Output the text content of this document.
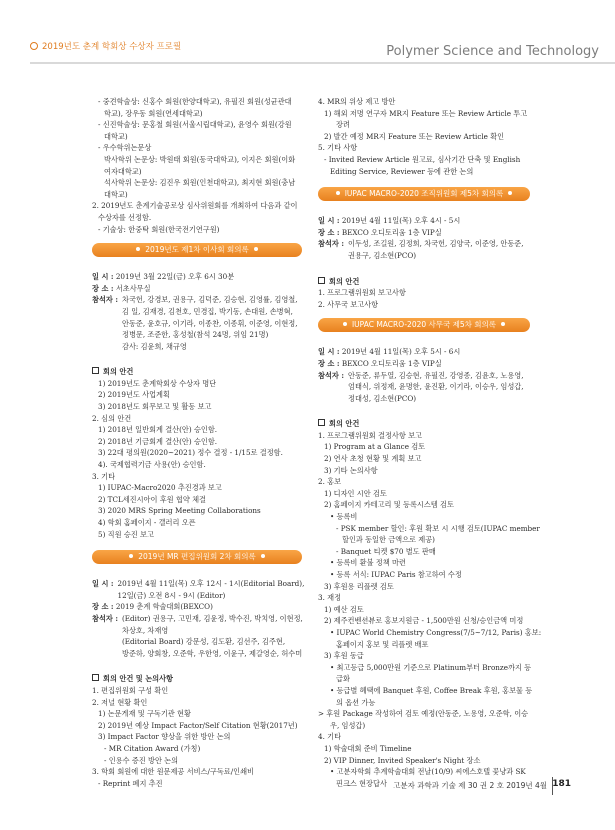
2019년도 춘계 학회상 수상자 프로필	Polymer Science and Technology
- 중견학술상: 신홍수 회원(한양대학교), 유필진 회원(성균관대
학교), 장우동 회원(연세대학교)
- 신진학술상: 문홍철 회원(서울시립대학교), 윤영수 회원(강원
대학교)
- 우수학위논문상
박사학위 논문상: 박원태 회원(동국대학교), 이지은 회원(이화
여자대학교)
석사학위 논문상: 김진우 회원(인천대학교), 최지현 회원(충남
대학교)
2. 2019년도 춘계기술공로상 심사위원회를 개최하여 다음과 같이
수상자를 선정함.
- 기술상: 한중탁 회원(한국전기연구원)
2019년도 제1차 이사회 회의록
일 시 : 2019년 3월 22일(금) 오후 6시 30분
장 소 : 서초사무실
참석자 : 차국헌, 강경보, 권용구, 김덕준, 김승현, 김영률, 김영철,
김 일, 김재경, 김천호, 민경집, 박기동, 손대원, 손병혁,
안동준, 윤호규, 이기라, 이종찬, 이종휘, 이준영, 이현정,
정병문, 조준한, 홍성철(참석 24명, 위임 21명)
감사: 김윤희, 채규영
회의 안건
1) 2019년도 춘계학회상 수상자 명단
2) 2019년도 사업계획
3) 2018년도 회무보고 및 활동 보고
2. 심의 안건
1) 2018년 일반회계 결산(안) 승인함.
2) 2018년 기금회계 결산(안) 승인함.
3) 22대 평의원(2020~2021) 정수 결정 - 1/15로 결정함.
4). 국제협력기금 사용(안) 승인함.
3. 기타
1) IUPAC-Macro2020 추진경과 보고
2) TCL세진시아이 후원 협약 체결
3) 2020 MRS Spring Meeting Collaborations
4) 학회 홈페이지 - 갤러리 오픈
5) 직원 승진 보고
2019년 MR 편집위원회 2차 회의록
일 시 : 2019년 4월 11일(목) 오후 12시 - 1시(Editorial Board),
12일(금) 오전 8시 - 9시 (Editor)
장 소 : 2019 춘계 학술대회(BEXCO)
참석자 : (Editor) 권용구, 고민재, 김윤정, 박수진, 박치영, 이현정,
차상호, 차재영
(Editorial Board) 강문성, 김도환, 김선주, 김주현,
방준하, 양회창, 오준학, 우한영, 이윤구, 제갈영순, 허수미
회의 안건 및 논의사항
1. 편집위원회 구성 확인
2. 저널 현황 확인
1) 논문게재 및 구독기관 현황
2) 2019년 예상 Impact Factor/Self Citation 현황(2017년)
3) Impact Factor 향상을 위한 방안 논의
- MR Citation Award (가칭)
- 인용수 증진 방안 논의
3. 학회 회원에 대한 원문제공 서비스/구독료/인쇄비
- Reprint 폐지 추진
4. MR의 위상 제고 방안
1) 해외 저명 연구자 MR지 Feature 또는 Review Article 투고
장려
2) 발간 예정 MR지 Feature 또는 Review Article 확인
5. 기타 사항
- Invited Review Article 원고료, 심사기간 단축 및 English
Editing Service, Reviewer 등에 관한 논의
IUPAC MACRO-2020 조직위원회 제5차 회의록
일 시 : 2019년 4월 11일(목) 오후 4시 - 5시
장 소 : BEXCO 오디토리움 1층 VIP실
참석자 : 이두성, 조길원, 김정희, 차국헌, 김양국, 이준영, 안동준,
권용구, 김소현(PCO)
회의 안건
1. 프로그램위원회 보고사항
2. 사무국 보고사항
IUPAC MACRO-2020 사무국 제5차 회의록
일 시 : 2019년 4월 11일(목) 오후 5시 - 6시
장 소 : BEXCO 오디토리움 1층 VIP실
참석자 : 안동준, 류두열, 김승현, 유필진, 강영종, 김윤호, 노용영,
엄태식, 위정재, 윤명한, 윤진환, 이기라, 이승우, 임성갑,
정대성, 김소현(PCO)
회의 안건
1. 프로그램위원회 결정사항 보고
1) Program at a Glance 검토
2) 연사 초청 현황 및 계획 보고
3) 기타 논의사항
2. 홍보
1) 디자인 시안 검토
2) 홈페이지 카테고리 및 등록시스템 검토
• 등록비
- PSK member 할인: 후원 확보 시 시행 검토(IUPAC member
할인과 동일한 금액으로 제공)
- Banquet 티켓 $70 별도 판매
• 등록비 환불 정책 마련
• 등록 서식: IUPAC Paris 참고하여 수정
3) 후원용 리플렛 검토
3. 재정
1) 예산 검토
2) 제주컨벤션뷰로 홍보지원금 - 1,500만원 신청/승인금액 미정
• IUPAC World Chemistry Congress(7/5~7/12, Paris) 홍보:
홈페이지 홍보 및 리플렛 배포
3) 후원 동급
• 최고등급 5,000만원 기준으로 Platinum부터 Bronze까지 등
급화
• 등급별 혜택에 Banquet 후원, Coffee Break 후원, 홍보물 등
의 옵션 가능
> 후원 Package 작성하여 검토 예정(안동준, 노용영, 오준학, 이승
우, 임성갑)
4. 기타
1) 학술대회 준비 Timeline
2) VIP Dinner, Invited Speaker's Night 장소
• 고분자학회 추계학술대회 전날(10/9) 씨에스호텔 꽃냥과 SK
핀크스 현장답사 고분자 과학과 기술 제 30 권 2 호 2019년 4월 181
